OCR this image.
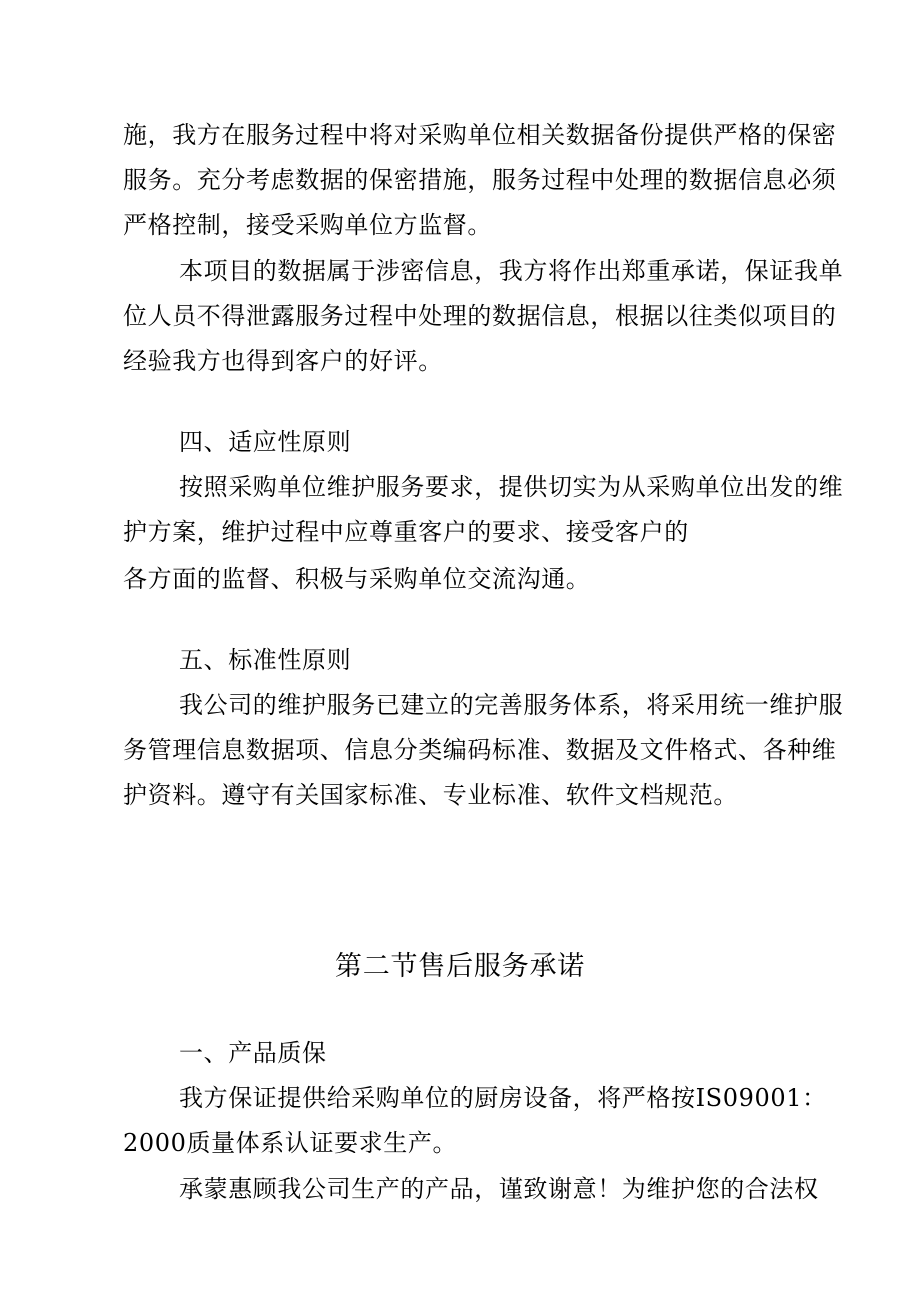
施，我方在服务过程中将对采购单位相关数据备份提供严格的保密
服务。充分考虑数据的保密措施，服务过程中处理的数据信息必须
严格控制，接受采购单位方监督。
本项目的数据属于涉密信息，我方将作出郑重承诺，保证我单
位人员不得泄露服务过程中处理的数据信息，根据以往类似项目的
经验我方也得到客户的好评。
四、适应性原则
按照采购单位维护服务要求，提供切实为从采购单位出发的维
护方案，维护过程中应尊重客户的要求、接受客户的
各方面的监督、积极与采购单位交流沟通。
五、标准性原则
我公司的维护服务已建立的完善服务体系，将采用统一维护服
务管理信息数据项、信息分类编码标准、数据及文件格式、各种维
护资料。遵守有关国家标准、专业标准、软件文档规范。
第二节售后服务承诺
一、产品质保
我方保证提供给采购单位的厨房设备，将严格按IS09001：
2000质量体系认证要求生产。
承蒙惠顾我公司生产的产品，谨致谢意！为维护您的合法权
